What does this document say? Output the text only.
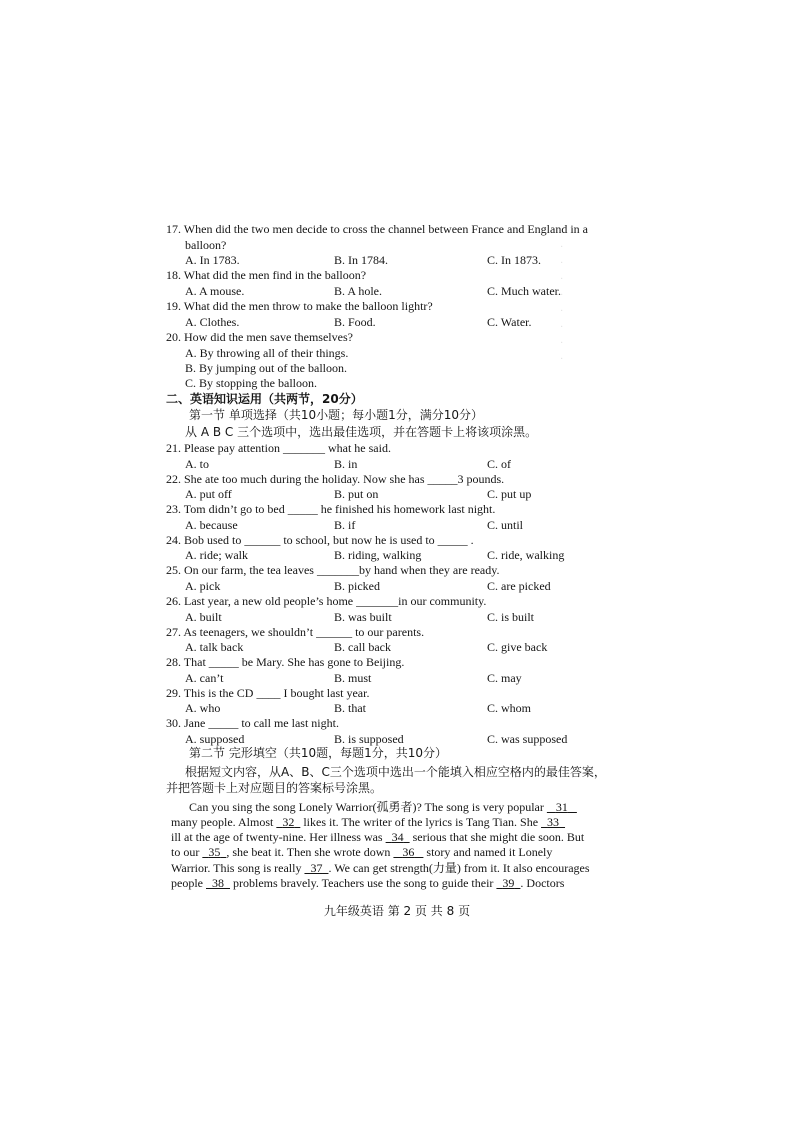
·
·
·
·
·
·
·
·
17. When did the two men decide to cross the channel between France and England in a
balloon?
A. In 1783.	B. In 1784.	C. In 1873.
18. What did the men find in the balloon?
A. A mouse.	B. A hole.	C. Much water.
19. What did the men throw to make the balloon lightr?
A. Clothes.	B. Food.	C. Water.
20. How did the men save themselves?
A. By throwing all of their things.
B. By jumping out of the balloon.
C. By stopping the balloon.
二、英语知识运用（共两节，20分）
第一节 单项选择（共10小题；每小题1分，满分10分）
从 A B C 三个选项中，选出最佳选项，并在答题卡上将该项涂黑。
21. Please pay attention _______ what he said.
A. to	B. in	C. of
22. She ate too much during the holiday. Now she has _____3 pounds.
A. put off	B. put on	C. put up
23. Tom didn’t go to bed _____ he finished his homework last night.
A. because	B. if	C. until
24. Bob used to ______ to school, but now he is used to _____ .
A. ride; walk	B. riding, walking	C. ride, walking
25. On our farm, the tea leaves _______by hand when they are ready.
A. pick	B. picked	C. are picked
26. Last year, a new old people’s home _______in our community.
A. built	B. was built	C. is built
27. As teenagers, we shouldn’t ______ to our parents.
A. talk back	B. call back	C. give back
28. That _____ be Mary. She has gone to Beijing.
A. can’t	B. must	C. may
29. This is the CD ____ I bought last year.
A. who	B. that	C. whom
30. Jane _____ to call me last night.
A. supposed	B. is supposed	C. was supposed
第二节 完形填空（共10题，每题1分，共10分）
根据短文内容，从A、B、C三个选项中选出一个能填入相应空格内的最佳答案，
并把答题卡上对应题目的答案标号涂黑。
Can you sing the song Lonely Warrior(孤勇者)? The song is very popular    31
many people. Almost   32   likes it. The writer of the lyrics is Tang Tian. She   33
ill at the age of twenty-nine. Her illness was   34   serious that she might die soon. But
to our   35 , she beat it. Then she wrote down    36    story and named it Lonely
Warrior. This song is really   37 . We can get strength(力量) from it. It also encourages
people   38   problems bravely. Teachers use the song to guide their   39 . Doctors
九年级英语 第 2 页 共 8 页
